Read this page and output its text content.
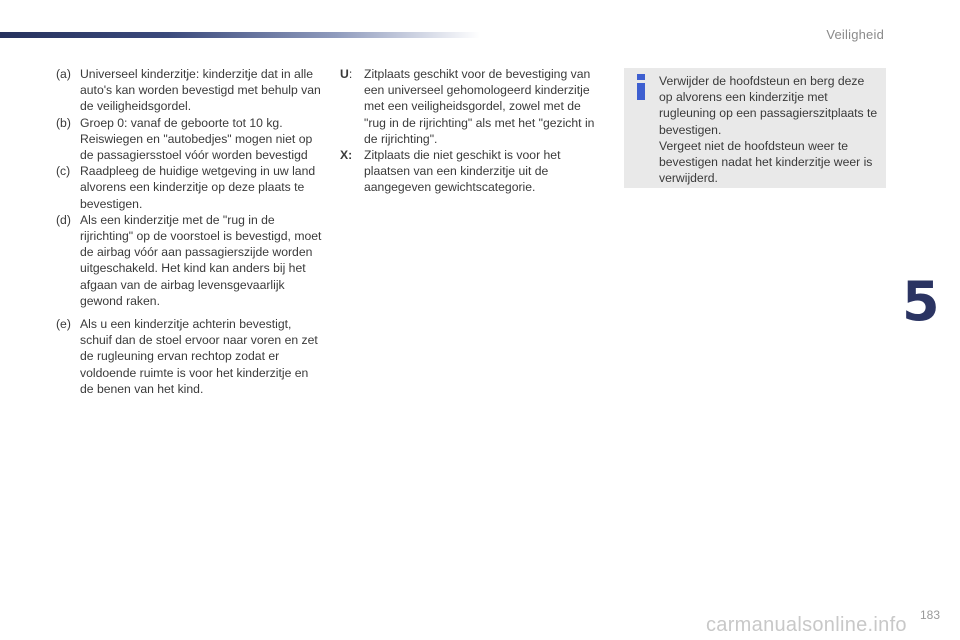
Veiligheid
(a) Universeel kinderzitje: kinderzitje dat in alle auto's kan worden bevestigd met behulp van de veiligheidsgordel.
(b) Groep 0: vanaf de geboorte tot 10 kg. Reiswiegen en "autobedjes" mogen niet op de passagiersstoel vóór worden bevestigd
(c) Raadpleeg de huidige wetgeving in uw land alvorens een kinderzitje op deze plaats te bevestigen.
(d) Als een kinderzitje met de "rug in de rijrichting" op de voorstoel is bevestigd, moet de airbag vóór aan passagierszijde worden uitgeschakeld. Het kind kan anders bij het afgaan van de airbag levensgevaarlijk gewond raken.
(e) Als u een kinderzitje achterin bevestigt, schuif dan de stoel ervoor naar voren en zet de rugleuning ervan rechtop zodat er voldoende ruimte is voor het kinderzitje en de benen van het kind.
U: Zitplaats geschikt voor de bevestiging van een universeel gehomologeerd kinderzitje met een veiligheidsgordel, zowel met de "rug in de rijrichting" als met het "gezicht in de rijrichting".
X: Zitplaats die niet geschikt is voor het plaatsen van een kinderzitje uit de aangegeven gewichtscategorie.
Verwijder de hoofdsteun en berg deze op alvorens een kinderzitje met rugleuning op een passagierszitplaats te bevestigen.
Vergeet niet de hoofdsteun weer te bevestigen nadat het kinderzitje weer is verwijderd.
5
183
carmanualsonline.info
